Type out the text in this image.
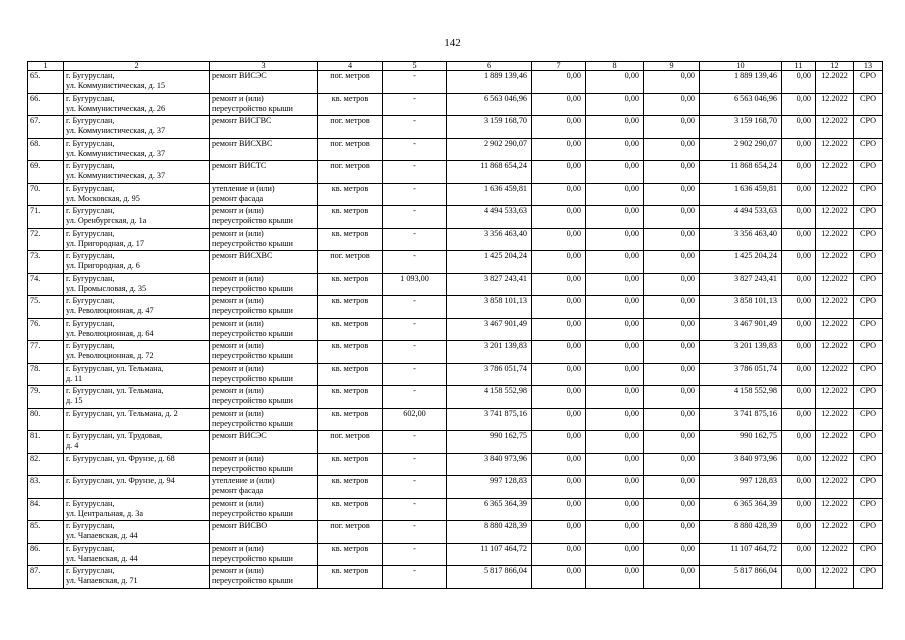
142
1	2	3	4	5	6	7	8	9	10	11	12	13
65.	г. Бугуруслан,
ул. Коммунистическая, д. 15	ремонт ВИСЭС	пог. метров	-	1 889 139,46	0,00	0,00	0,00	1 889 139,46	0,00	12.2022	СРО
66.	г. Бугуруслан,
ул. Коммунистическая, д. 26	ремонт и (или)
переустройство крыши	кв. метров	-	6 563 046,96	0,00	0,00	0,00	6 563 046,96	0,00	12.2022	СРО
67.	г. Бугуруслан,
ул. Коммунистическая, д. 37	ремонт ВИСГВС	пог. метров	-	3 159 168,70	0,00	0,00	0,00	3 159 168,70	0,00	12.2022	СРО
68.	г. Бугуруслан,
ул. Коммунистическая, д. 37	ремонт ВИСХВС	пог. метров	-	2 902 290,07	0,00	0,00	0,00	2 902 290,07	0,00	12.2022	СРО
69.	г. Бугуруслан,
ул. Коммунистическая, д. 37	ремонт ВИСТС	пог. метров	-	11 868 654,24	0,00	0,00	0,00	11 868 654,24	0,00	12.2022	СРО
70.	г. Бугуруслан,
ул. Московская, д. 95	утепление и (или)
ремонт фасада	кв. метров	-	1 636 459,81	0,00	0,00	0,00	1 636 459,81	0,00	12.2022	СРО
71.	г. Бугуруслан,
ул. Оренбургская, д. 1а	ремонт и (или)
переустройство крыши	кв. метров	-	4 494 533,63	0,00	0,00	0,00	4 494 533,63	0,00	12.2022	СРО
72.	г. Бугуруслан,
ул. Пригородная, д. 17	ремонт и (или)
переустройство крыши	кв. метров	-	3 356 463,40	0,00	0,00	0,00	3 356 463,40	0,00	12.2022	СРО
73.	г. Бугуруслан,
ул. Пригородная, д. 6	ремонт ВИСХВС	пог. метров	-	1 425 204,24	0,00	0,00	0,00	1 425 204,24	0,00	12.2022	СРО
74.	г. Бугуруслан,
ул. Промысловая, д. 35	ремонт и (или)
переустройство крыши	кв. метров	1 093,00	3 827 243,41	0,00	0,00	0,00	3 827 243,41	0,00	12.2022	СРО
75.	г. Бугуруслан,
ул. Революционная, д. 47	ремонт и (или)
переустройство крыши	кв. метров	-	3 858 101,13	0,00	0,00	0,00	3 858 101,13	0,00	12.2022	СРО
76.	г. Бугуруслан,
ул. Революционная, д. 64	ремонт и (или)
переустройство крыши	кв. метров	-	3 467 901,49	0,00	0,00	0,00	3 467 901,49	0,00	12.2022	СРО
77.	г. Бугуруслан,
ул. Революционная, д. 72	ремонт и (или)
переустройство крыши	кв. метров	-	3 201 139,83	0,00	0,00	0,00	3 201 139,83	0,00	12.2022	СРО
78.	г. Бугуруслан, ул. Тельмана,
д. 11	ремонт и (или)
переустройство крыши	кв. метров	-	3 786 051,74	0,00	0,00	0,00	3 786 051,74	0,00	12.2022	СРО
79.	г. Бугуруслан, ул. Тельмана,
д. 15	ремонт и (или)
переустройство крыши	кв. метров	-	4 158 552,98	0,00	0,00	0,00	4 158 552,98	0,00	12.2022	СРО
80.	г. Бугуруслан, ул. Тельмана, д. 2	ремонт и (или)
переустройство крыши	кв. метров	602,00	3 741 875,16	0,00	0,00	0,00	3 741 875,16	0,00	12.2022	СРО
81.	г. Бугуруслан, ул. Трудовая,
д. 4	ремонт ВИСЭС	пог. метров	-	990 162,75	0,00	0,00	0,00	990 162,75	0,00	12.2022	СРО
82.	г. Бугуруслан, ул. Фрунзе, д. 68	ремонт и (или)
переустройство крыши	кв. метров	-	3 840 973,96	0,00	0,00	0,00	3 840 973,96	0,00	12.2022	СРО
83.	г. Бугуруслан, ул. Фрунзе, д. 94	утепление и (или)
ремонт фасада	кв. метров	-	997 128,83	0,00	0,00	0,00	997 128,83	0,00	12.2022	СРО
84.	г. Бугуруслан,
ул. Центральная, д. 3а	ремонт и (или)
переустройство крыши	кв. метров	-	6 365 364,39	0,00	0,00	0,00	6 365 364,39	0,00	12.2022	СРО
85.	г. Бугуруслан,
ул. Чапаевская, д. 44	ремонт ВИСВО	пог. метров	-	8 880 428,39	0,00	0,00	0,00	8 880 428,39	0,00	12.2022	СРО
86.	г. Бугуруслан,
ул. Чапаевская, д. 44	ремонт и (или)
переустройство крыши	кв. метров	-	11 107 464,72	0,00	0,00	0,00	11 107 464,72	0,00	12.2022	СРО
87.	г. Бугуруслан,
ул. Чапаевская, д. 71	ремонт и (или)
переустройство крыши	кв. метров	-	5 817 866,04	0,00	0,00	0,00	5 817 866,04	0,00	12.2022	СРО
